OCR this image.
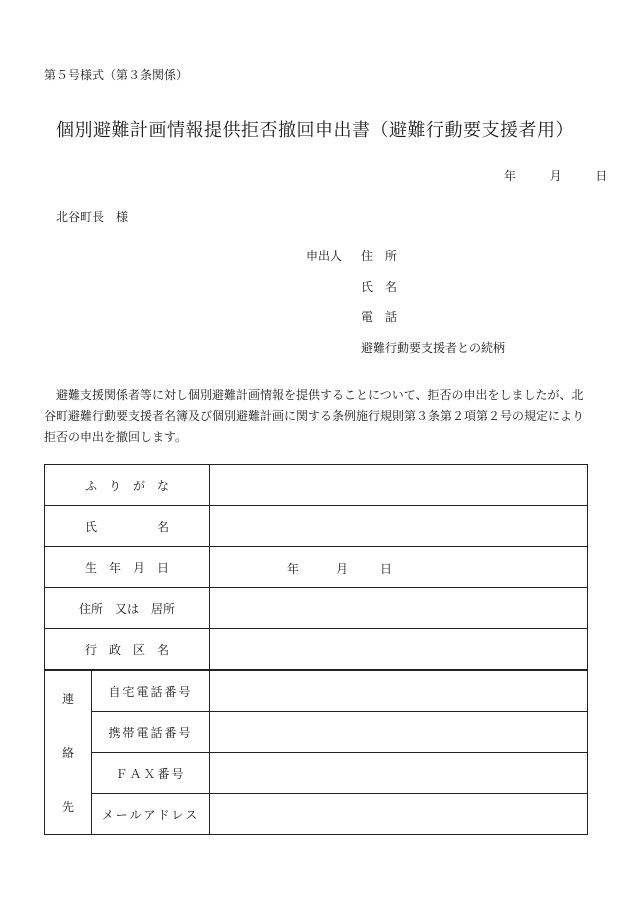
第５号様式（第３条関係）
個別避難計画情報提供拒否撤回申出書（避難行動要支援者用）
年	月	日
北谷町長　様
申出人 住　所
氏　名
電　話
避難行動要支援者との続柄
避難支援関係者等に対し個別避難計画情報を提供することについて、拒否の申出をしましたが、北谷町避難行動要支援者名簿及び個別避難計画に関する条例施行規則第３条第２項第２号の規定により拒否の申出を撤回します。
ふ　り　が　な		
氏　　　　　名		
生　年　月　日		年 月 日

住所　又は　居所		
行　政　区　名		

連
絡
先	自宅電話番号	
	携帯電話番号	
	ＦＡＸ番号	
	メールアドレス	
